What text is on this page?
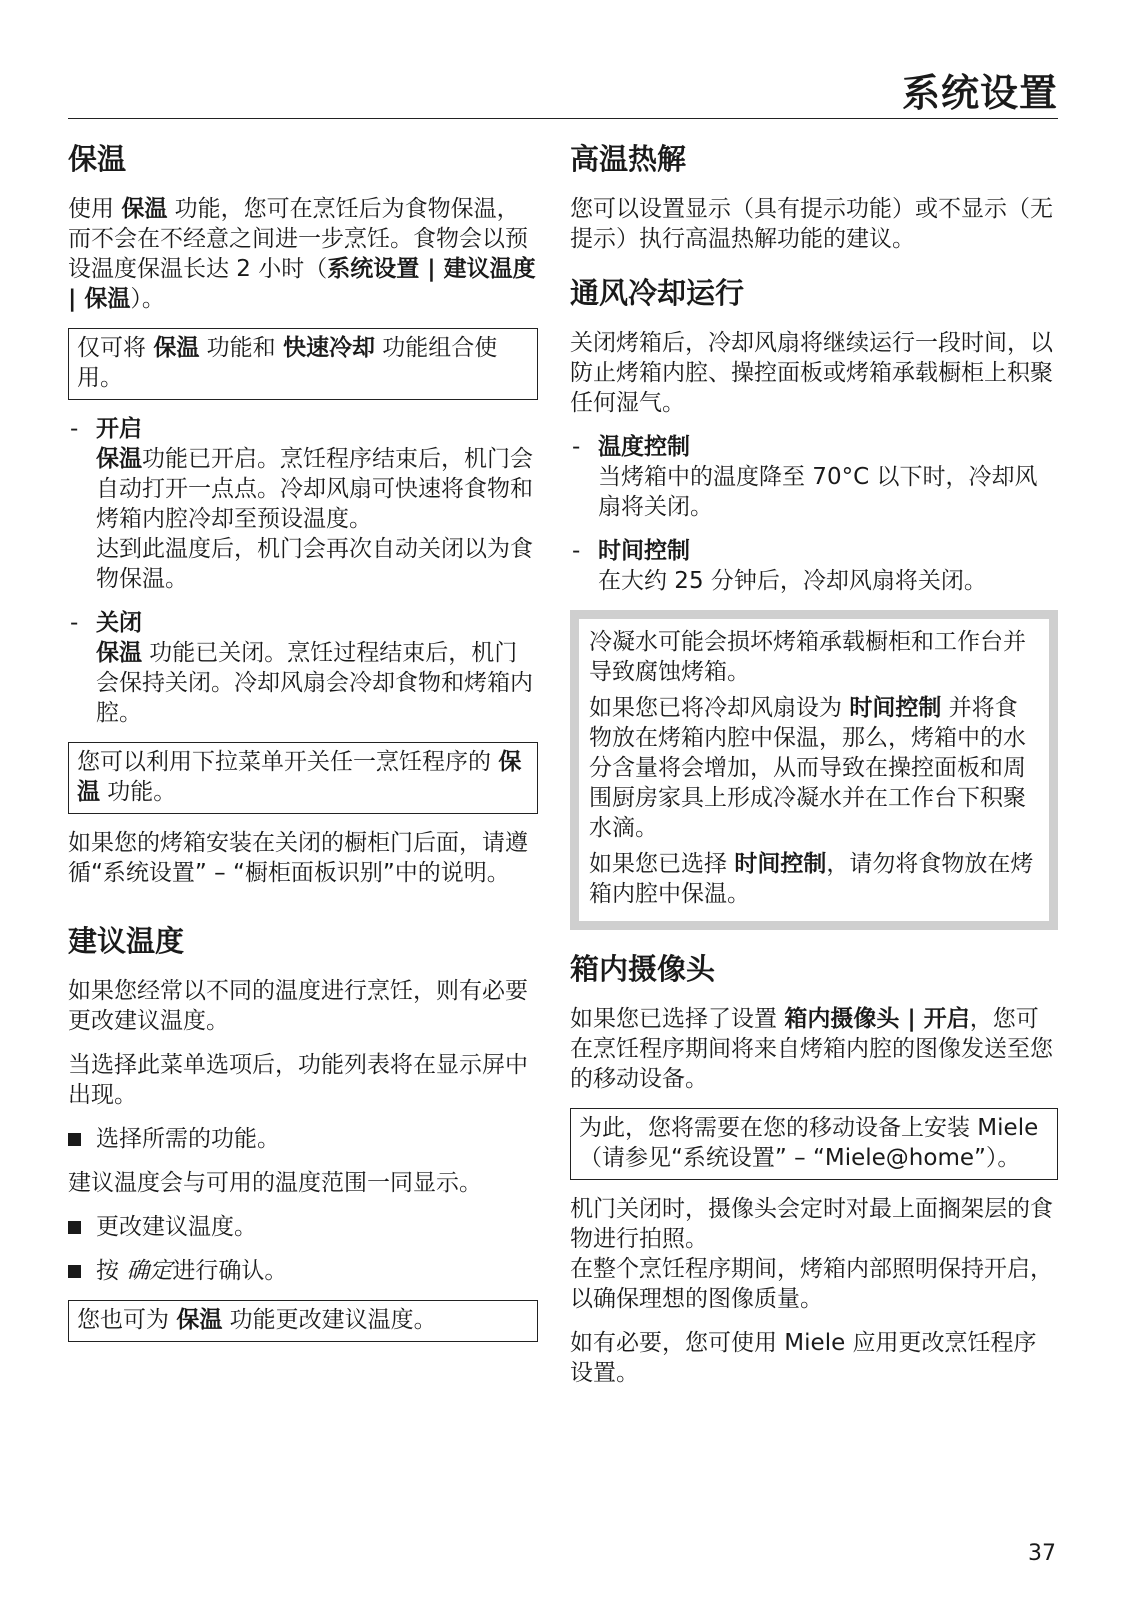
系统设置
保温

使用 保温 功能，您可在烹饪后为食物保温，而不会在不经意之间进一步烹饪。食物会以预设温度保温长达 2 小时（系统设置 | 建议温度 | 保温）。

仅可将 保温 功能和 快速冷却 功能组合使用。
- 开启
保温功能已开启。烹饪程序结束后，机门会自动打开一点点。冷却风扇可快速将食物和烤箱内腔冷却至预设温度。
达到此温度后，机门会再次自动关闭以为食物保温。
- 关闭
保温 功能已关闭。烹饪过程结束后，机门会保持关闭。冷却风扇会冷却食物和烤箱内腔。
您可以利用下拉菜单开关任一烹饪程序的 保温 功能。

如果您的烤箱安装在关闭的橱柜门后面，请遵循“系统设置” – “橱柜面板识别”中的说明。

建议温度

如果您经常以不同的温度进行烹饪，则有必要更改建议温度。

当选择此菜单选项后，功能列表将在显示屏中出现。

选择所需的功能。

建议温度会与可用的温度范围一同显示。

更改建议温度。
按 确定进行确认。
您也可为 保温 功能更改建议温度。
高温热解

您可以设置显示（具有提示功能）或不显示（无提示）执行高温热解功能的建议。

通风冷却运行

关闭烤箱后，冷却风扇将继续运行一段时间，以防止烤箱内腔、操控面板或烤箱承载橱柜上积聚任何湿气。

- 温度控制
当烤箱中的温度降至 70°C 以下时，冷却风扇将关闭。
- 时间控制
在大约 25 分钟后，冷却风扇将关闭。

冷凝水可能会损坏烤箱承载橱柜和工作台并导致腐蚀烤箱。

如果您已将冷却风扇设为 时间控制 并将食物放在烤箱内腔中保温，那么，烤箱中的水分含量将会增加，从而导致在操控面板和周围厨房家具上形成冷凝水并在工作台下积聚水滴。

如果您已选择 时间控制，请勿将食物放在烤箱内腔中保温。

箱内摄像头

如果您已选择了设置 箱内摄像头 | 开启，您可在烹饪程序期间将来自烤箱内腔的图像发送至您的移动设备。

为此，您将需要在您的移动设备上安装 Miele（请参见“系统设置” – “Miele@home”）。

机门关闭时，摄像头会定时对最上面搁架层的食物进行拍照。
在整个烹饪程序期间，烤箱内部照明保持开启，以确保理想的图像质量。

如有必要，您可使用 Miele 应用更改烹饪程序设置。

37
